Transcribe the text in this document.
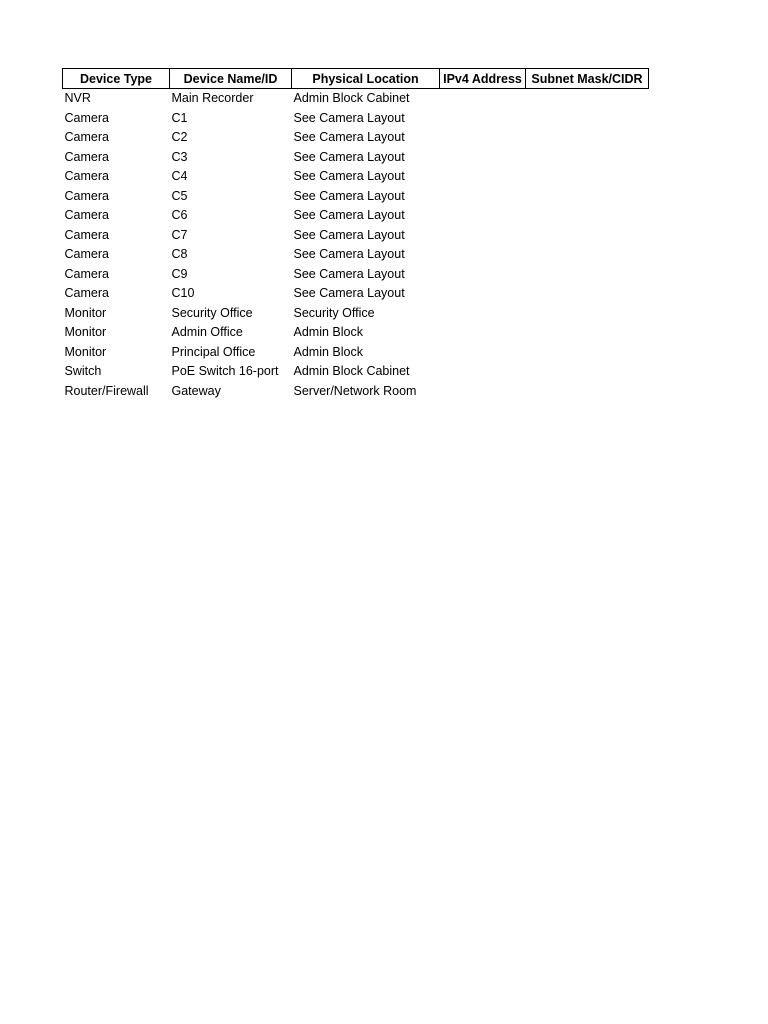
Device Type	Device Name/ID	Physical Location	IPv4 Address	Subnet Mask/CIDR
NVR	Main Recorder	Admin Block Cabinet		
Camera	C1	See Camera Layout		
Camera	C2	See Camera Layout		
Camera	C3	See Camera Layout		
Camera	C4	See Camera Layout		
Camera	C5	See Camera Layout		
Camera	C6	See Camera Layout		
Camera	C7	See Camera Layout		
Camera	C8	See Camera Layout		
Camera	C9	See Camera Layout		
Camera	C10	See Camera Layout		
Monitor	Security Office	Security Office		
Monitor	Admin Office	Admin Block		
Monitor	Principal Office	Admin Block		
Switch	PoE Switch 16-port	Admin Block Cabinet		
Router/Firewall	Gateway	Server/Network Room		
